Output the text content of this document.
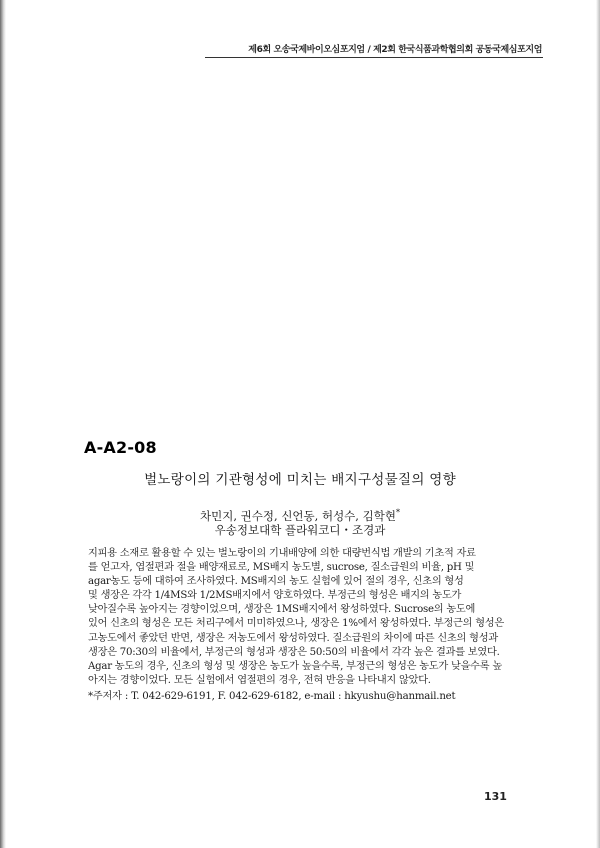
제6회 오송국제바이오심포지엄 / 제2회 한국식품과학협의회 공동국제심포지엄
A-A2-08
벌노랑이의 기관형성에 미치는 배지구성물질의 영향
차민지, 권수정, 신언동, 허성수, 김학현*
우송정보대학 플라워코디・조경과
지피용 소재로 활용할 수 있는 벌노랑이의 기내배양에 의한 대량번식법 개발의 기초적 자료
를 얻고자, 엽절편과 절을 배양재료로, MS배지 농도별, sucrose, 질소급원의 비율, pH 및
agar농도 등에 대하여 조사하였다. MS배지의 농도 실험에 있어 절의 경우, 신초의 형성
및 생장은 각각 1/4MS와 1/2MS배지에서 양호하였다. 부정근의 형성은 배지의 농도가
낮아질수록 높아지는 경향이었으며, 생장은 1MS배지에서 왕성하였다. Sucrose의 농도에
있어 신초의 형성은 모든 처리구에서 미미하였으나, 생장은 1%에서 왕성하였다. 부정근의 형성은
고농도에서 좋았던 반면, 생장은 저농도에서 왕성하였다. 질소급원의 차이에 따른 신초의 형성과
생장은 70:30의 비율에서, 부정근의 형성과 생장은 50:50의 비율에서 각각 높은 결과를 보였다.
Agar 농도의 경우, 신초의 형성 및 생장은 농도가 높을수록, 부정근의 형성은 농도가 낮을수록 높
아지는 경향이었다. 모든 실험에서 엽절편의 경우, 전혀 반응을 나타내지 않았다.
*주저자 : T. 042-629-6191, F. 042-629-6182, e-mail : hkyushu@hanmail.net
131
